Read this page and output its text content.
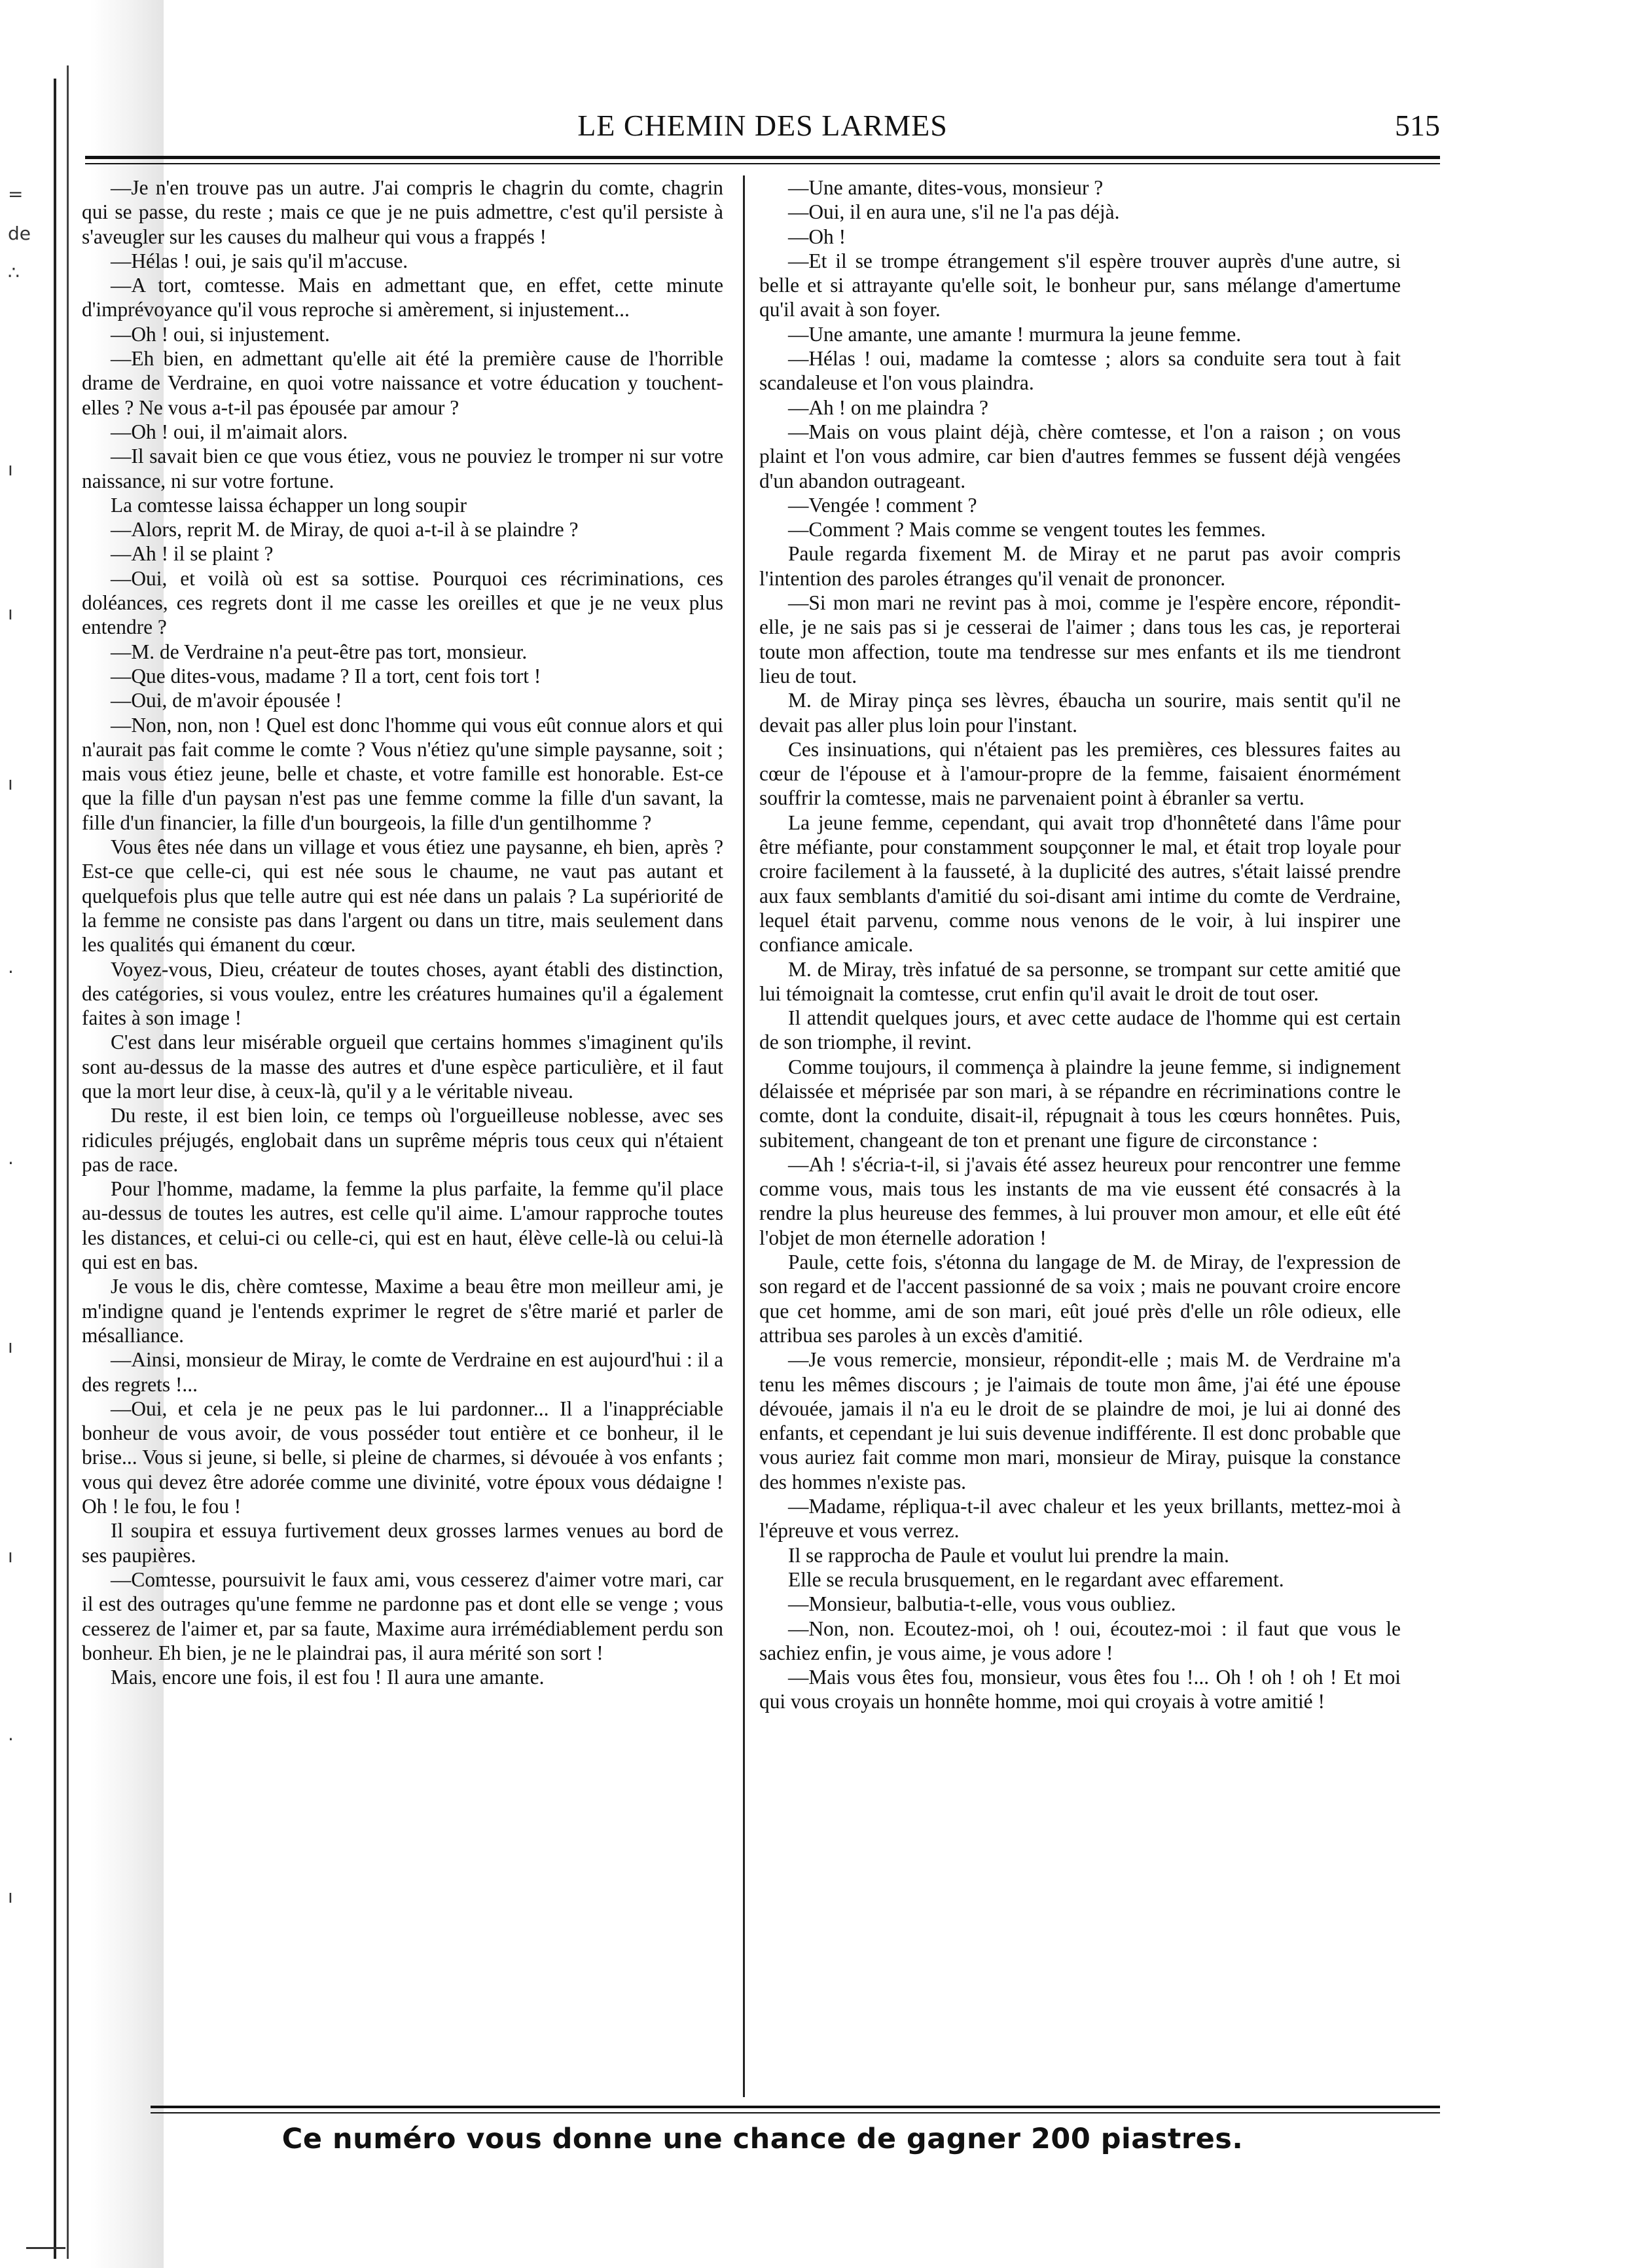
=
de
∴
ı
ı
ı
.
·
ı
ı
·
ı
LE CHEMIN DES LARMES	515

—Je n'en trouve pas un autre. J'ai compris le chagrin du comte, chagrin qui se passe, du reste ; mais ce que je ne puis admettre, c'est qu'il persiste à s'aveugler sur les causes du malheur qui vous a frappés !

—Hélas ! oui, je sais qu'il m'accuse.

—A tort, comtesse. Mais en admettant que, en effet, cette minute d'imprévoyance qu'il vous reproche si amèrement, si injustement...

—Oh ! oui, si injustement.

—Eh bien, en admettant qu'elle ait été la première cause de l'horrible drame de Verdraine, en quoi votre naissance et votre éducation y touchent-elles ? Ne vous a-t-il pas épousée par amour ?

—Oh ! oui, il m'aimait alors.

—Il savait bien ce que vous étiez, vous ne pouviez le tromper ni sur votre naissance, ni sur votre fortune.

La comtesse laissa échapper un long soupir

—Alors, reprit M. de Miray, de quoi a-t-il à se plaindre ?

—Ah ! il se plaint ?

—Oui, et voilà où est sa sottise. Pourquoi ces récriminations, ces doléances, ces regrets dont il me casse les oreilles et que je ne veux plus entendre ?

—M. de Verdraine n'a peut-être pas tort, monsieur.

—Que dites-vous, madame ? Il a tort, cent fois tort !

—Oui, de m'avoir épousée !

—Non, non, non ! Quel est donc l'homme qui vous eût connue alors et qui n'aurait pas fait comme le comte ? Vous n'étiez qu'une simple paysanne, soit ; mais vous étiez jeune, belle et chaste, et votre famille est honorable. Est-ce que la fille d'un paysan n'est pas une femme comme la fille d'un savant, la fille d'un financier, la fille d'un bourgeois, la fille d'un gentilhomme ?

Vous êtes née dans un village et vous étiez une paysanne, eh bien, après ? Est-ce que celle-ci, qui est née sous le chaume, ne vaut pas autant et quelquefois plus que telle autre qui est née dans un palais ? La supériorité de la femme ne consiste pas dans l'argent ou dans un titre, mais seulement dans les qualités qui émanent du cœur.

Voyez-vous, Dieu, créateur de toutes choses, ayant établi des distinction, des catégories, si vous voulez, entre les créatures humaines qu'il a également faites à son image !

C'est dans leur misérable orgueil que certains hommes s'imaginent qu'ils sont au-dessus de la masse des autres et d'une espèce particulière, et il faut que la mort leur dise, à ceux-là, qu'il y a le véritable niveau.

Du reste, il est bien loin, ce temps où l'orgueilleuse noblesse, avec ses ridicules préjugés, englobait dans un suprême mépris tous ceux qui n'étaient pas de race.

Pour l'homme, madame, la femme la plus parfaite, la femme qu'il place au-dessus de toutes les autres, est celle qu'il aime. L'amour rapproche toutes les distances, et celui-ci ou celle-ci, qui est en haut, élève celle-là ou celui-là qui est en bas.

Je vous le dis, chère comtesse, Maxime a beau être mon meilleur ami, je m'indigne quand je l'entends exprimer le regret de s'être marié et parler de mésalliance.

—Ainsi, monsieur de Miray, le comte de Verdraine en est aujourd'hui : il a des regrets !...

—Oui, et cela je ne peux pas le lui pardonner... Il a l'inappréciable bonheur de vous avoir, de vous posséder tout entière et ce bonheur, il le brise... Vous si jeune, si belle, si pleine de charmes, si dévouée à vos enfants ; vous qui devez être adorée comme une divinité, votre époux vous dédaigne ! Oh ! le fou, le fou !

Il soupira et essuya furtivement deux grosses larmes venues au bord de ses paupières.

—Comtesse, poursuivit le faux ami, vous cesserez d'aimer votre mari, car il est des outrages qu'une femme ne pardonne pas et dont elle se venge ; vous cesserez de l'aimer et, par sa faute, Maxime aura irrémédiablement perdu son bonheur. Eh bien, je ne le plaindrai pas, il aura mérité son sort !

Mais, encore une fois, il est fou ! Il aura une amante.

—Une amante, dites-vous, monsieur ?

—Oui, il en aura une, s'il ne l'a pas déjà.

—Oh !

—Et il se trompe étrangement s'il espère trouver auprès d'une autre, si belle et si attrayante qu'elle soit, le bonheur pur, sans mélange d'amertume qu'il avait à son foyer.

—Une amante, une amante ! murmura la jeune femme.

—Hélas ! oui, madame la comtesse ; alors sa conduite sera tout à fait scandaleuse et l'on vous plaindra.

—Ah ! on me plaindra ?

—Mais on vous plaint déjà, chère comtesse, et l'on a raison ; on vous plaint et l'on vous admire, car bien d'autres femmes se fussent déjà vengées d'un abandon outrageant.

—Vengée ! comment ?

—Comment ? Mais comme se vengent toutes les femmes.

Paule regarda fixement M. de Miray et ne parut pas avoir compris l'intention des paroles étranges qu'il venait de prononcer.

—Si mon mari ne revint pas à moi, comme je l'espère encore, répondit-elle, je ne sais pas si je cesserai de l'aimer ; dans tous les cas, je reporterai toute mon affection, toute ma tendresse sur mes enfants et ils me tiendront lieu de tout.

M. de Miray pinça ses lèvres, ébaucha un sourire, mais sentit qu'il ne devait pas aller plus loin pour l'instant.

Ces insinuations, qui n'étaient pas les premières, ces blessures faites au cœur de l'épouse et à l'amour-propre de la femme, faisaient énormément souffrir la comtesse, mais ne parvenaient point à ébranler sa vertu.

La jeune femme, cependant, qui avait trop d'honnêteté dans l'âme pour être méfiante, pour constamment soupçonner le mal, et était trop loyale pour croire facilement à la fausseté, à la duplicité des autres, s'était laissé prendre aux faux semblants d'amitié du soi-disant ami intime du comte de Verdraine, lequel était parvenu, comme nous venons de le voir, à lui inspirer une confiance amicale.

M. de Miray, très infatué de sa personne, se trompant sur cette amitié que lui témoignait la comtesse, crut enfin qu'il avait le droit de tout oser.

Il attendit quelques jours, et avec cette audace de l'homme qui est certain de son triomphe, il revint.

Comme toujours, il commença à plaindre la jeune femme, si indignement délaissée et méprisée par son mari, à se répandre en récriminations contre le comte, dont la conduite, disait-il, répugnait à tous les cœurs honnêtes. Puis, subitement, changeant de ton et prenant une figure de circonstance :

—Ah ! s'écria-t-il, si j'avais été assez heureux pour rencontrer une femme comme vous, mais tous les instants de ma vie eussent été consacrés à la rendre la plus heureuse des femmes, à lui prouver mon amour, et elle eût été l'objet de mon éternelle adoration !

Paule, cette fois, s'étonna du langage de M. de Miray, de l'expression de son regard et de l'accent passionné de sa voix ; mais ne pouvant croire encore que cet homme, ami de son mari, eût joué près d'elle un rôle odieux, elle attribua ses paroles à un excès d'amitié.

—Je vous remercie, monsieur, répondit-elle ; mais M. de Verdraine m'a tenu les mêmes discours ; je l'aimais de toute mon âme, j'ai été une épouse dévouée, jamais il n'a eu le droit de se plaindre de moi, je lui ai donné des enfants, et cependant je lui suis devenue indifférente. Il est donc probable que vous auriez fait comme mon mari, monsieur de Miray, puisque la constance des hommes n'existe pas.

—Madame, répliqua-t-il avec chaleur et les yeux brillants, mettez-moi à l'épreuve et vous verrez.

Il se rapprocha de Paule et voulut lui prendre la main.

Elle se recula brusquement, en le regardant avec effarement.

—Monsieur, balbutia-t-elle, vous vous oubliez.

—Non, non. Ecoutez-moi, oh ! oui, écoutez-moi : il faut que vous le sachiez enfin, je vous aime, je vous adore !

—Mais vous êtes fou, monsieur, vous êtes fou !... Oh ! oh ! oh ! Et moi qui vous croyais un honnête homme, moi qui croyais à votre amitié !

Ce numéro vous donne une chance de gagner 200 piastres.
